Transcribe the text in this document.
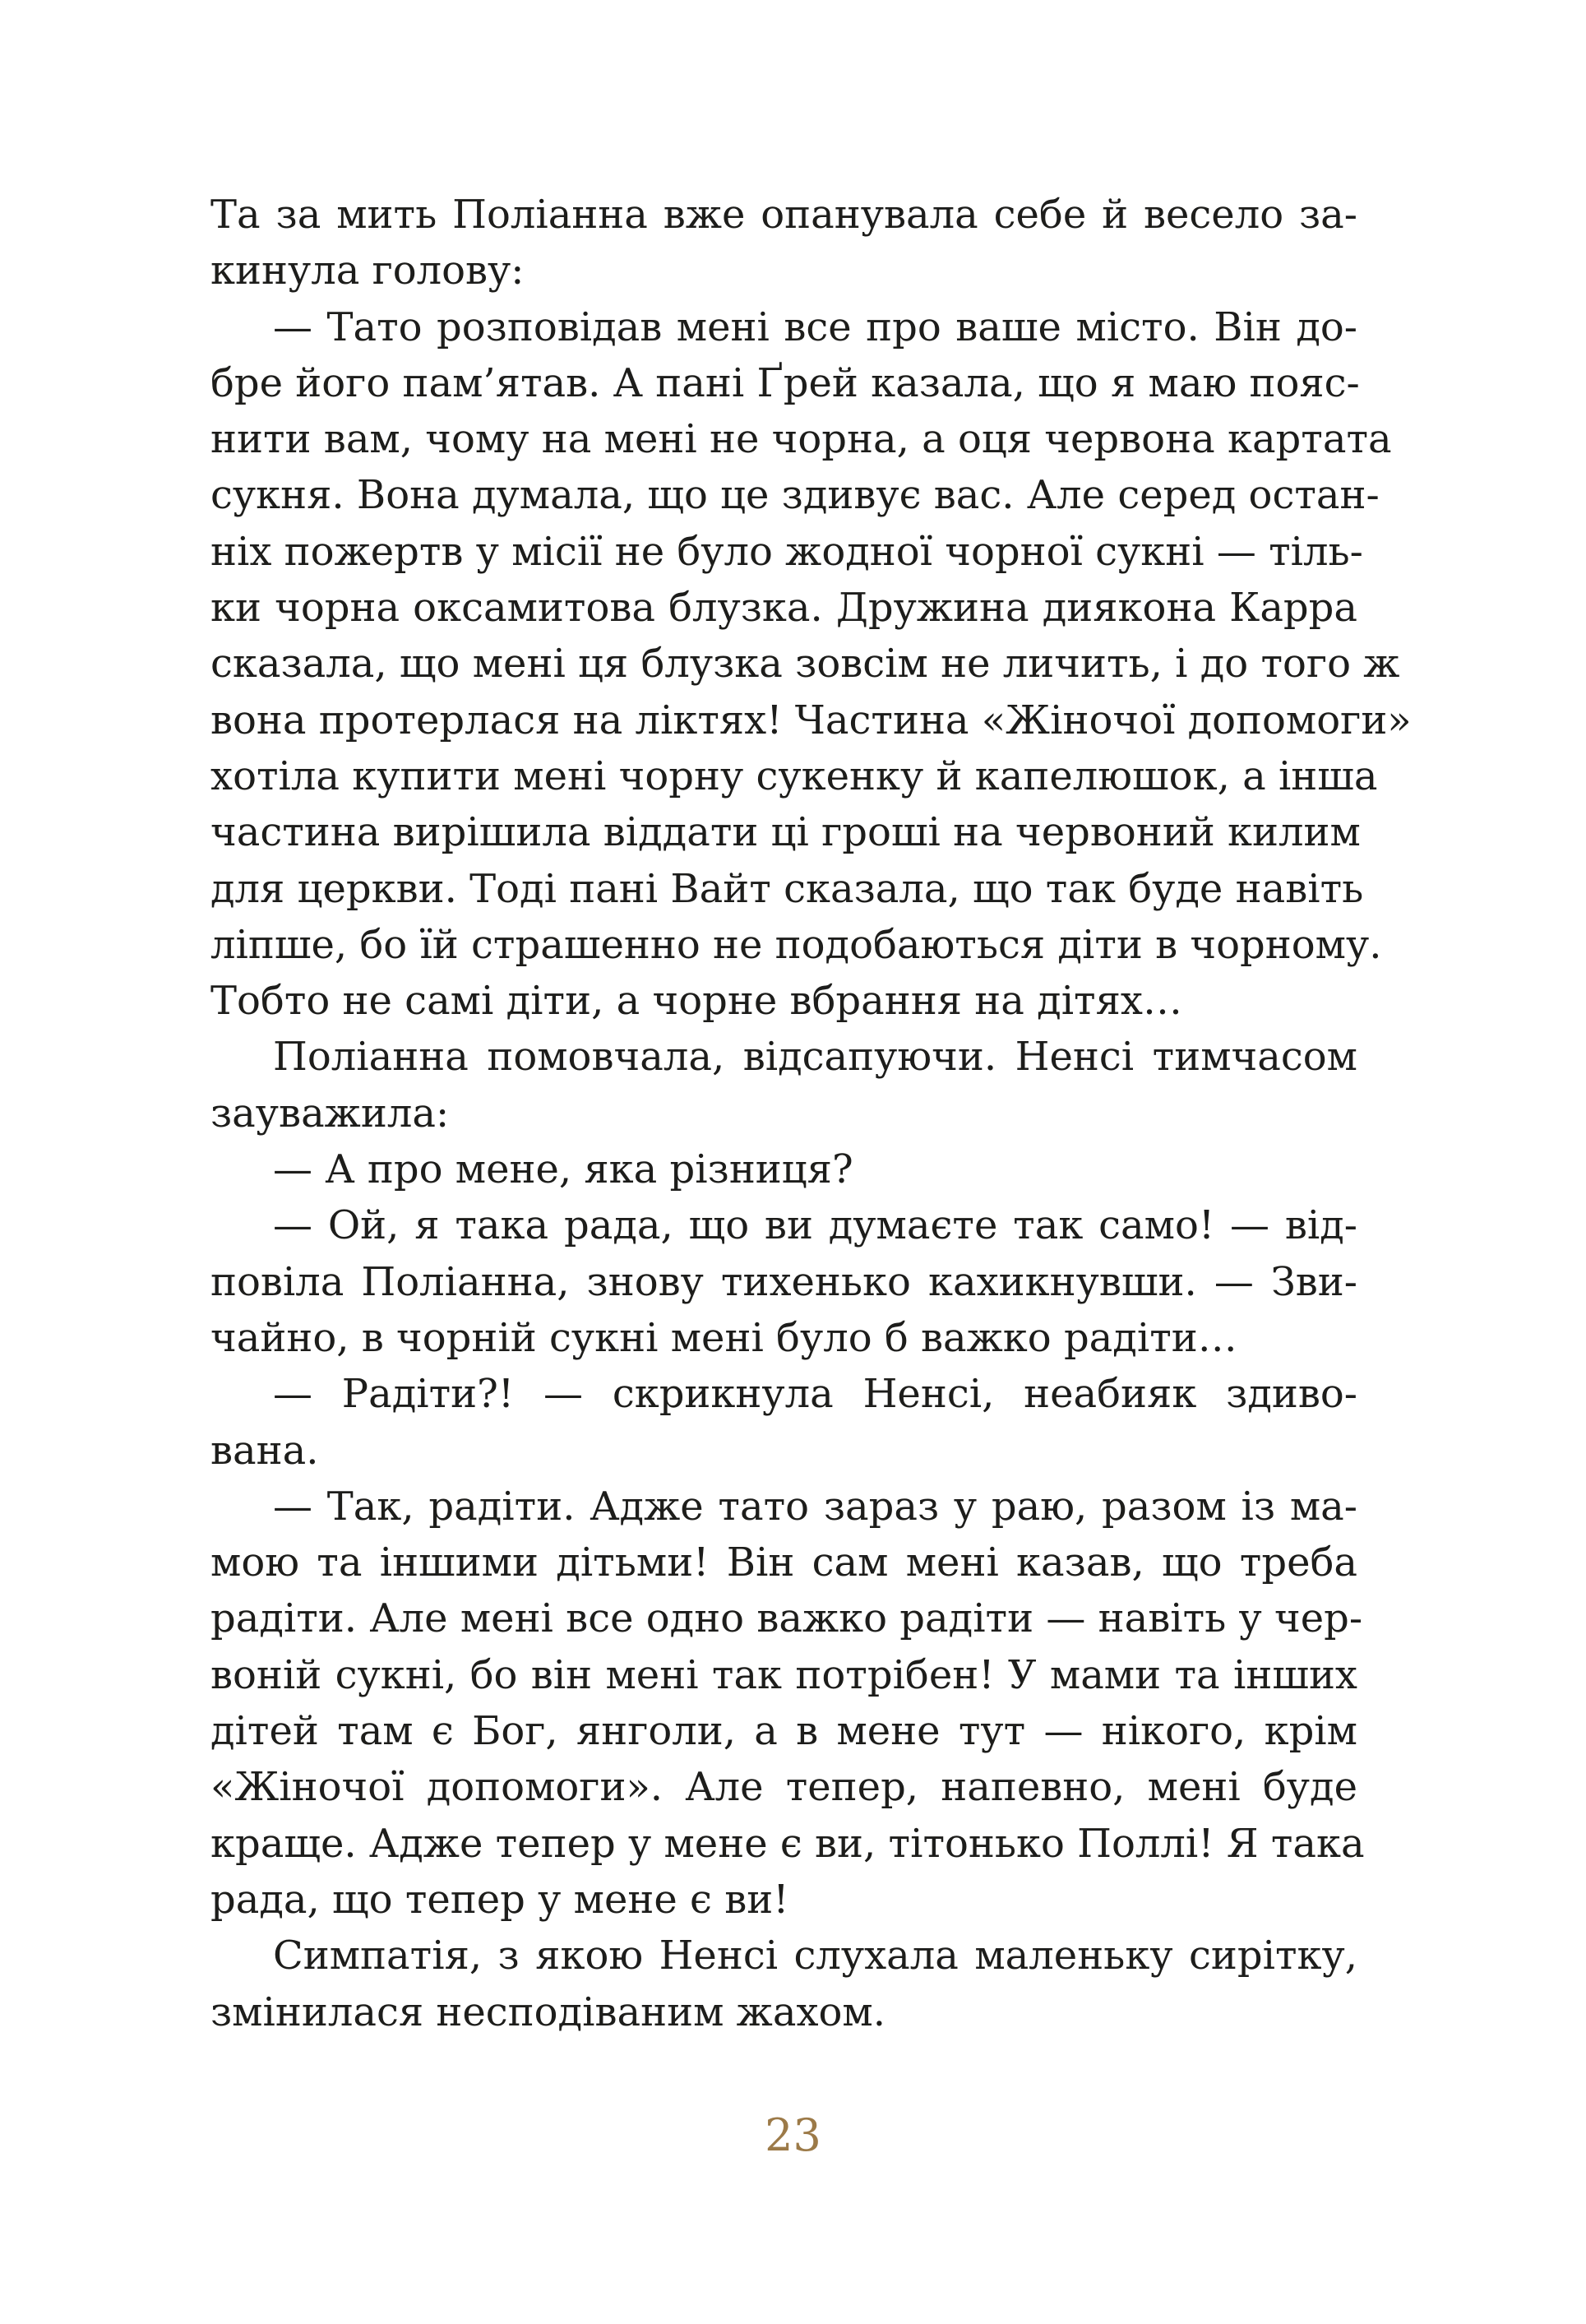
Та за мить Поліанна вже опанувала себе й весело за-
кинула голову:
— Тато розповідав мені все про ваше місто. Він до-
бре його пам’ятав. А пані Ґрей казала, що я маю пояс-
нити вам, чому на мені не чорна, а оця червона картата
сукня. Вона думала, що це здивує вас. Але серед остан-
ніх пожертв у місії не було жодної чорної сукні — тіль-
ки чорна оксамитова блузка. Дружина диякона Карра
сказала, що мені ця блузка зовсім не личить, і до того ж
вона протерлася на ліктях! Частина «Жіночої допомоги»
хотіла купити мені чорну сукенку й капелюшок, а інша
частина вирішила віддати ці гроші на червоний килим
для церкви. Тоді пані Вайт сказала, що так буде навіть
ліпше, бо їй страшенно не подобаються діти в чорному.
Тобто не самі діти, а чорне вбрання на дітях…
Поліанна помовчала, відсапуючи. Ненсі тимчасом
зауважила:
— А про мене, яка різниця?
— Ой, я така рада, що ви думаєте так само! — від-
повіла Поліанна, знову тихенько кахикнувши. — Зви-
чайно, в чорній сукні мені було б важко радіти…
— Радіти?! — скрикнула Ненсі, неабияк здиво-
вана.
— Так, радіти. Адже тато зараз у раю, разом із ма-
мою та іншими дітьми! Він сам мені казав, що треба
радіти. Але мені все одно важко радіти — навіть у чер-
воній сукні, бо він мені так потрібен! У мами та інших
дітей там є Бог, янголи, а в мене тут — нікого, крім
«Жіночої допомоги». Але тепер, напевно, мені буде
краще. Адже тепер у мене є ви, тітонько Поллі! Я така
рада, що тепер у мене є ви!
Симпатія, з якою Ненсі слухала маленьку сирітку,
змінилася несподіваним жахом.
23
